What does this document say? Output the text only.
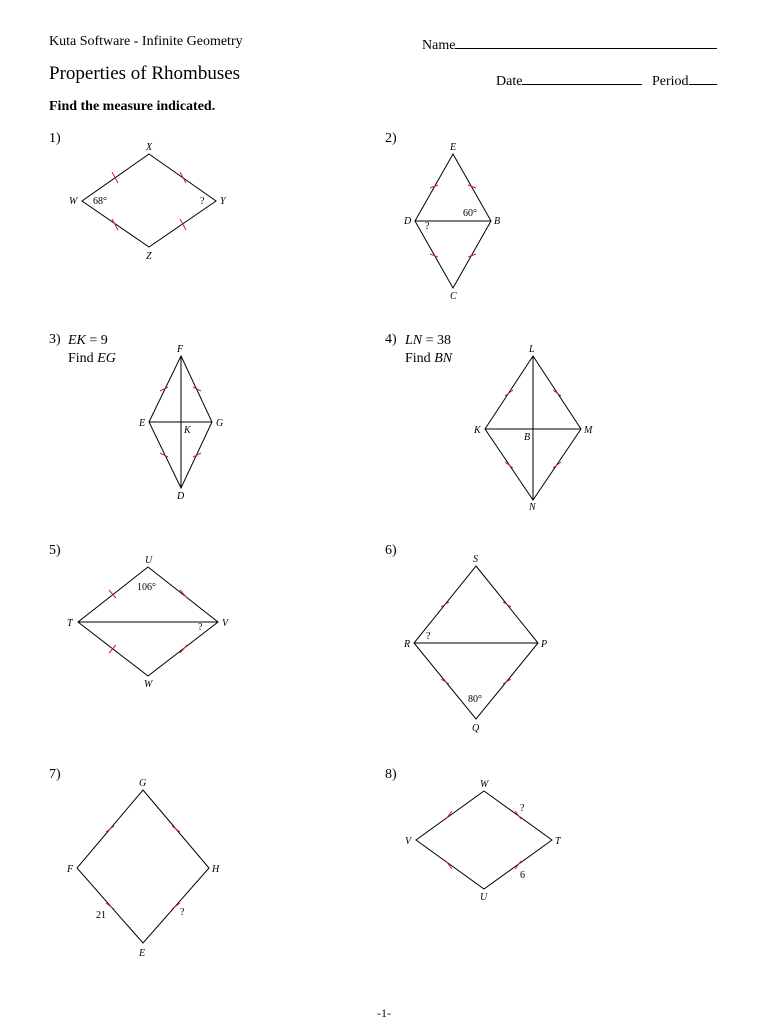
Kuta Software - Infinite Geometry	Name
Properties of Rhombuses	Date	Period
Find the measure indicated.
1)	2)
3)	4)
5)	6)
7)	8)
EK = 9
Find EG
LN = 38
Find BN
X
Y
Z
W 68°	?
E
B
C
D
60°
?
F
G
D
E
K
L
M
N
K
B
U
V
W
T
106°
?
S
P
Q
R
?
80°
G
H
E
F
21	?
W
T
U
V
?
6
-1-
